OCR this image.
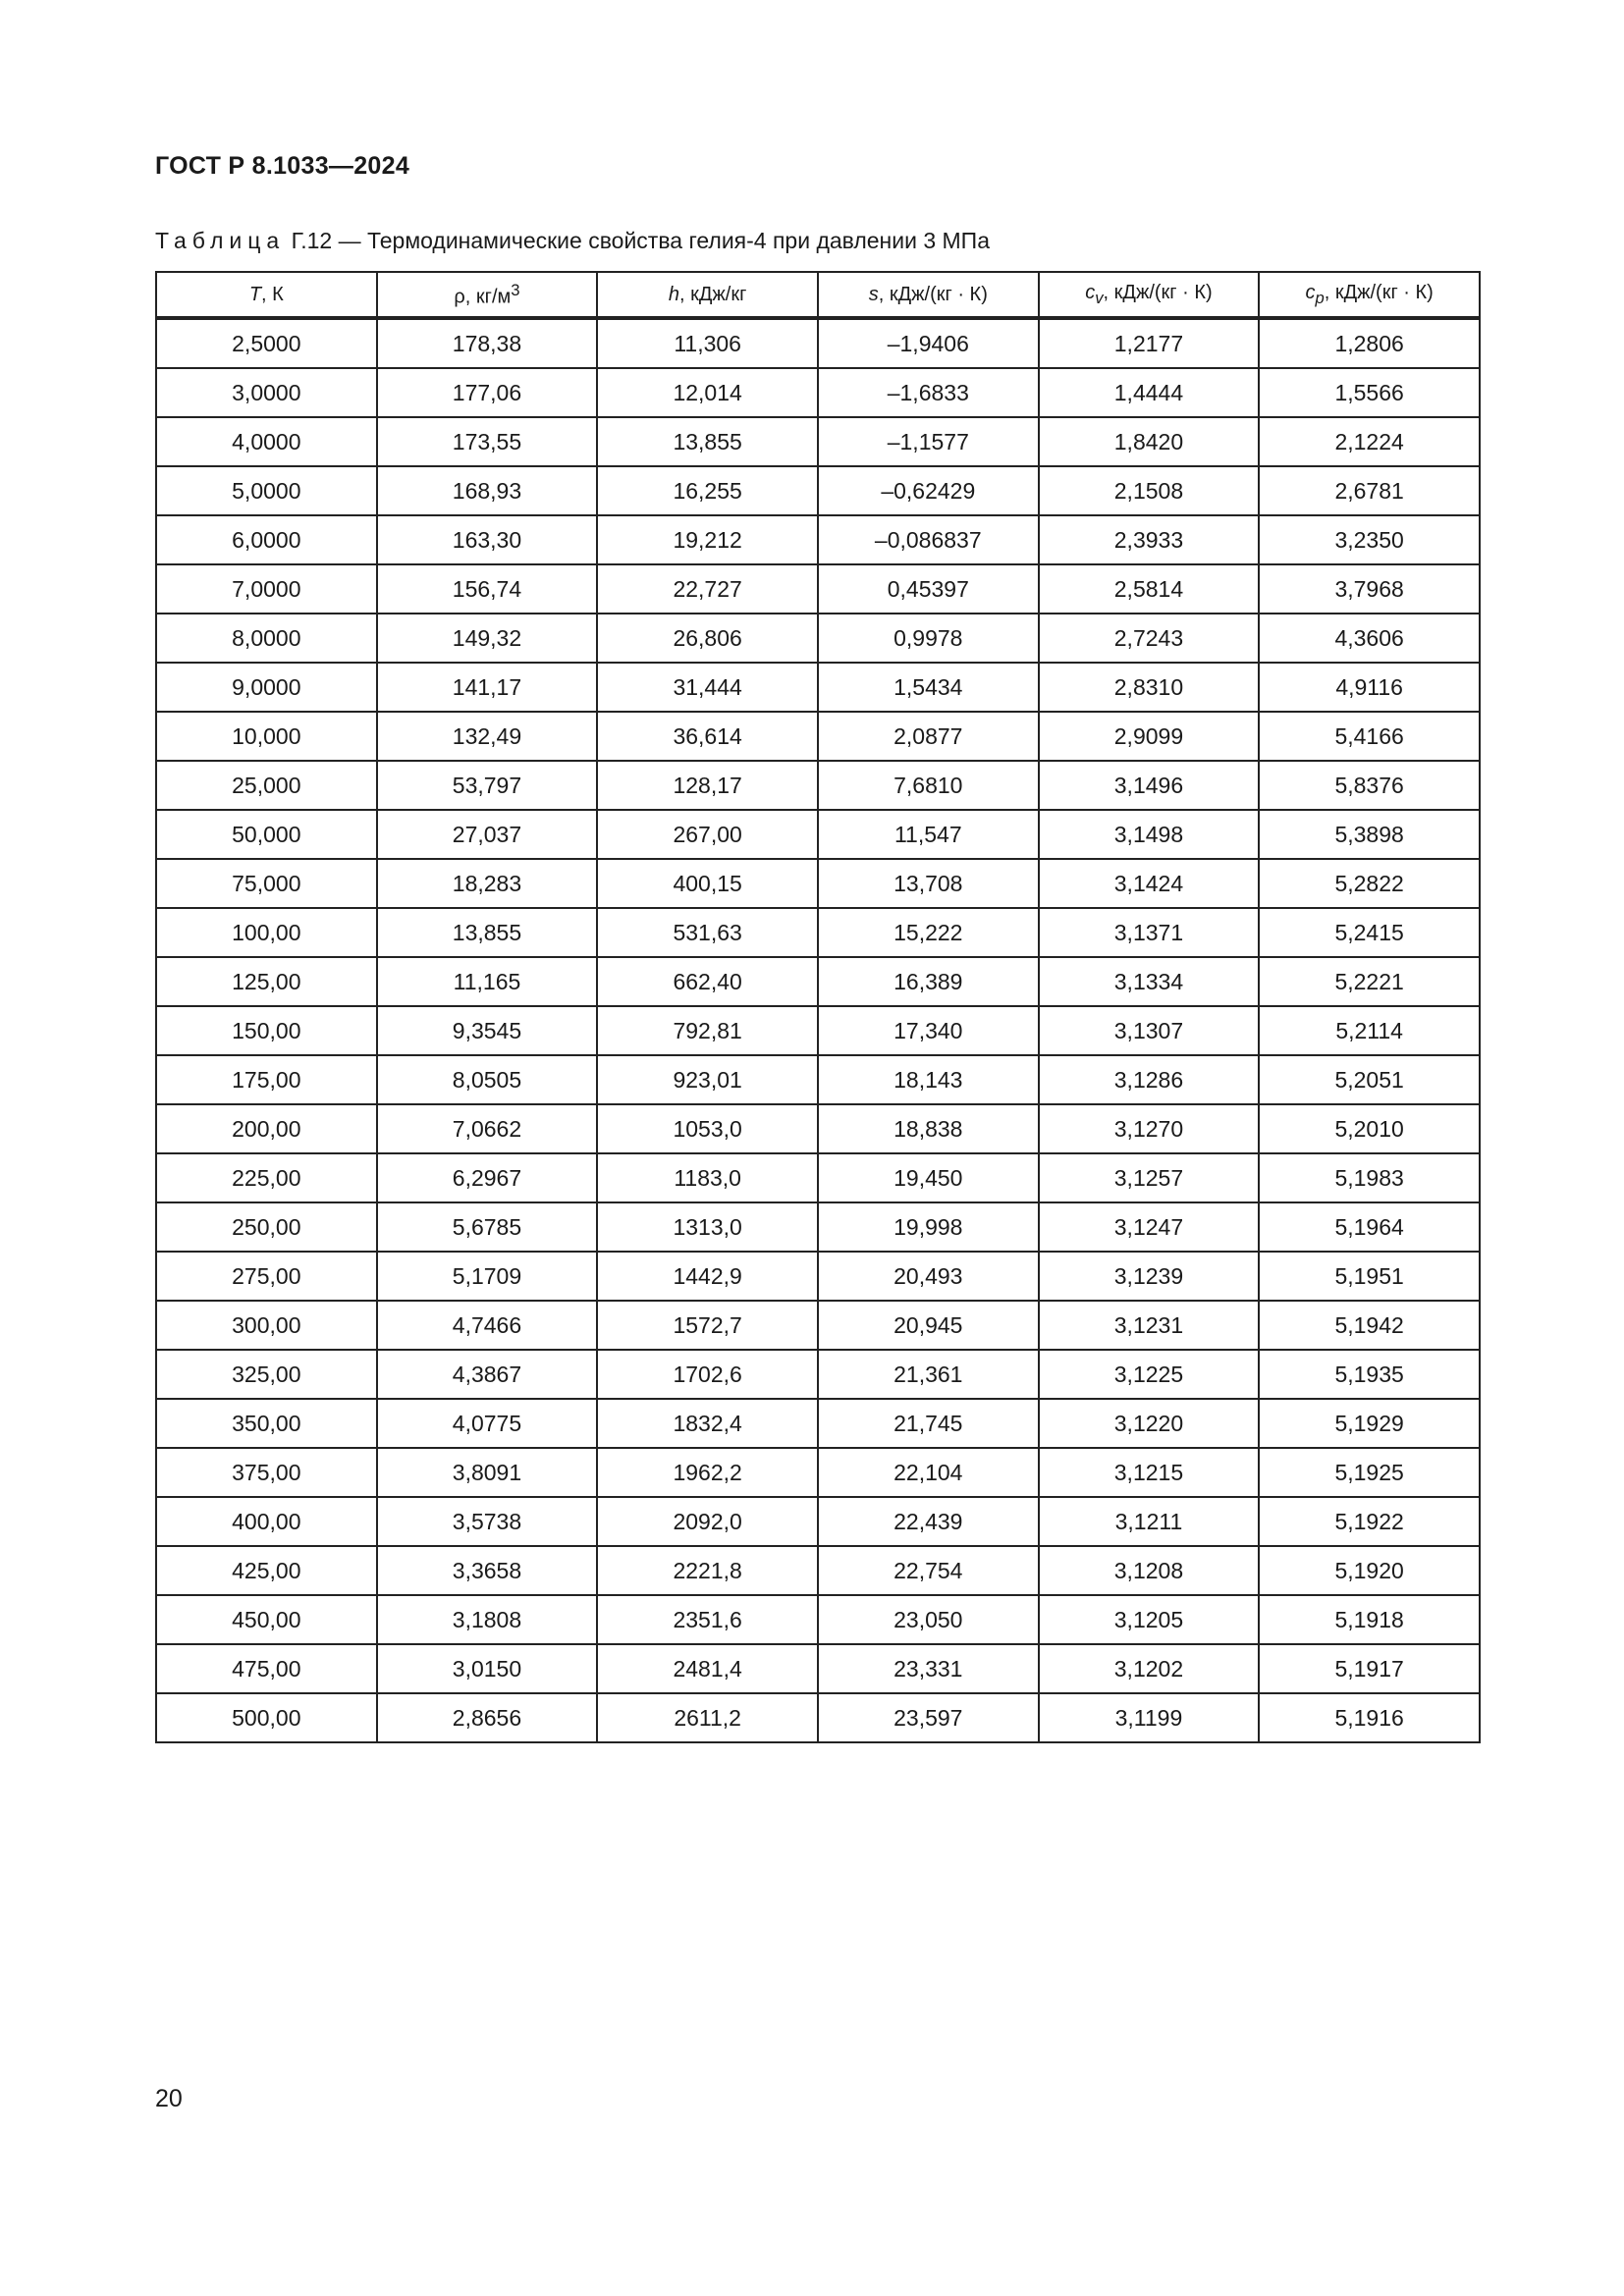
ГОСТ Р 8.1033—2024
Таблица Г.12 — Термодинамические свойства гелия-4 при давлении 3 МПа
T, К	ρ, $кг/м^3$	h, кДж/кг	s, кДж/(кг · К)	$c_v$, кДж/(кг · К)	$c_p$, кДж/(кг · К)
2,5000	178,38	11,306	–1,9406	1,2177	1,2806
3,0000	177,06	12,014	–1,6833	1,4444	1,5566
4,0000	173,55	13,855	–1,1577	1,8420	2,1224
5,0000	168,93	16,255	–0,62429	2,1508	2,6781
6,0000	163,30	19,212	–0,086837	2,3933	3,2350
7,0000	156,74	22,727	0,45397	2,5814	3,7968
8,0000	149,32	26,806	0,9978	2,7243	4,3606
9,0000	141,17	31,444	1,5434	2,8310	4,9116
10,000	132,49	36,614	2,0877	2,9099	5,4166
25,000	53,797	128,17	7,6810	3,1496	5,8376
50,000	27,037	267,00	11,547	3,1498	5,3898
75,000	18,283	400,15	13,708	3,1424	5,2822
100,00	13,855	531,63	15,222	3,1371	5,2415
125,00	11,165	662,40	16,389	3,1334	5,2221
150,00	9,3545	792,81	17,340	3,1307	5,2114
175,00	8,0505	923,01	18,143	3,1286	5,2051
200,00	7,0662	1053,0	18,838	3,1270	5,2010
225,00	6,2967	1183,0	19,450	3,1257	5,1983
250,00	5,6785	1313,0	19,998	3,1247	5,1964
275,00	5,1709	1442,9	20,493	3,1239	5,1951
300,00	4,7466	1572,7	20,945	3,1231	5,1942
325,00	4,3867	1702,6	21,361	3,1225	5,1935
350,00	4,0775	1832,4	21,745	3,1220	5,1929
375,00	3,8091	1962,2	22,104	3,1215	5,1925
400,00	3,5738	2092,0	22,439	3,1211	5,1922
425,00	3,3658	2221,8	22,754	3,1208	5,1920
450,00	3,1808	2351,6	23,050	3,1205	5,1918
475,00	3,0150	2481,4	23,331	3,1202	5,1917
500,00	2,8656	2611,2	23,597	3,1199	5,1916
20
